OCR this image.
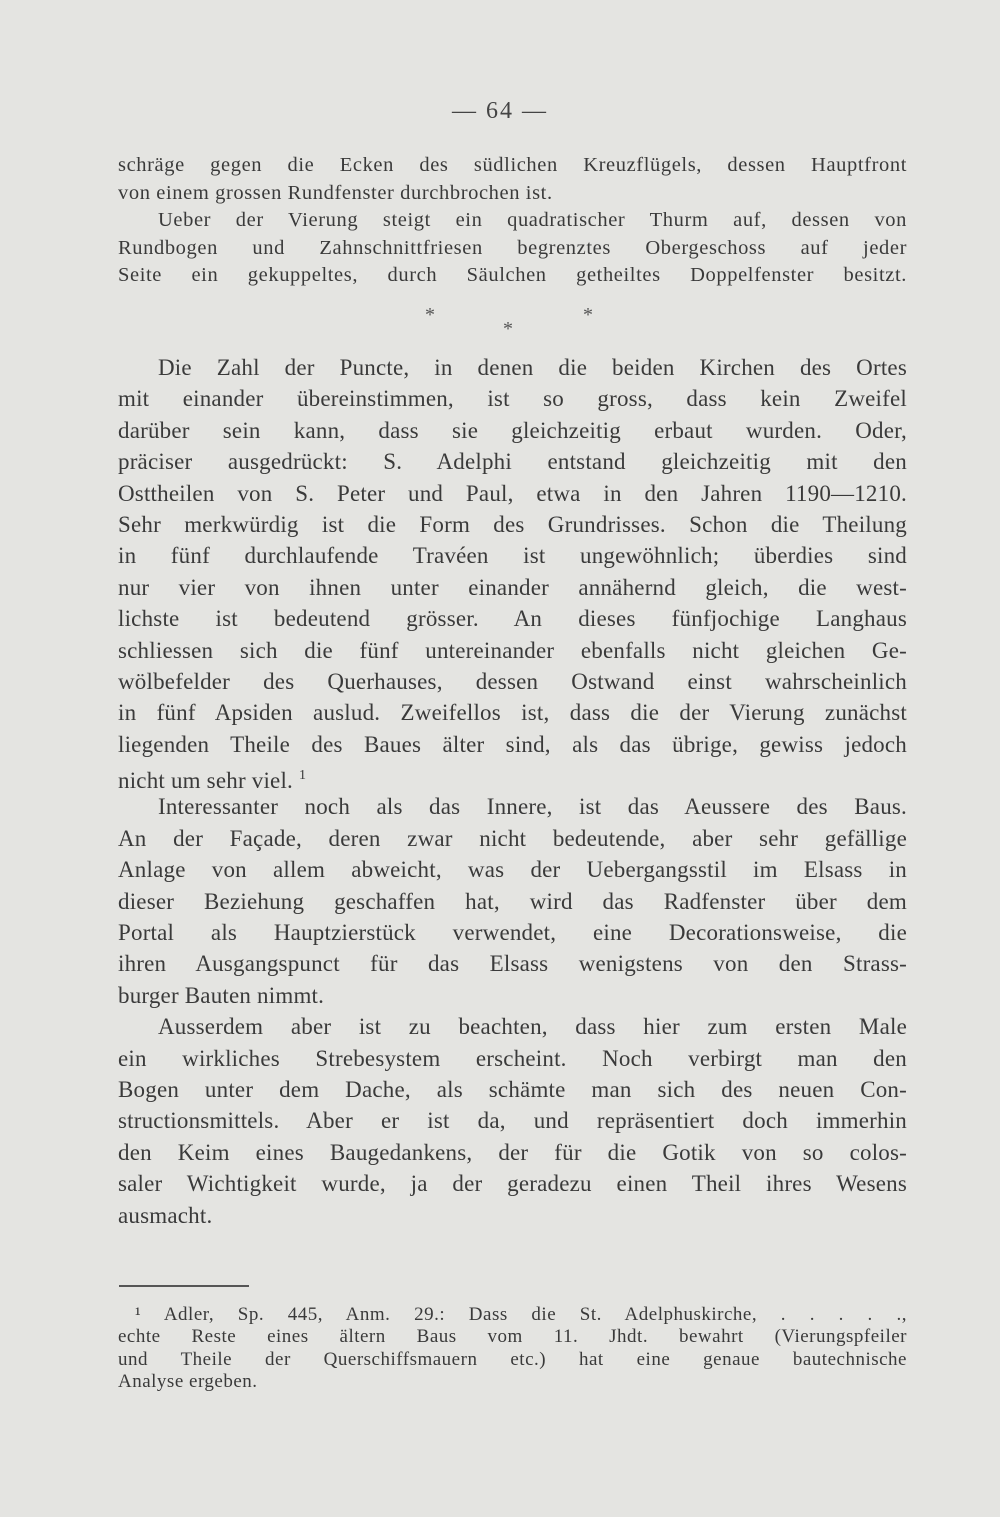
— 64 —
schräge gegen die Ecken des südlichen Kreuzflügels, dessen Hauptfront
von einem grossen Rundfenster durchbrochen ist.
Ueber der Vierung steigt ein quadratischer Thurm auf, dessen von
Rundbogen und Zahnschnittfriesen begrenztes Obergeschoss auf jeder
Seite ein gekuppeltes, durch Säulchen getheiltes Doppelfenster besitzt.
*
*
*
Die Zahl der Puncte, in denen die beiden Kirchen des Ortes
mit einander übereinstimmen, ist so gross, dass kein Zweifel
darüber sein kann, dass sie gleichzeitig erbaut wurden. Oder,
präciser ausgedrückt: S. Adelphi entstand gleichzeitig mit den
Osttheilen von S. Peter und Paul, etwa in den Jahren 1190—1210.
Sehr merkwürdig ist die Form des Grundrisses. Schon die Theilung
in fünf durchlaufende Travéen ist ungewöhnlich; überdies sind
nur vier von ihnen unter einander annähernd gleich, die west-
lichste ist bedeutend grösser. An dieses fünfjochige Langhaus
schliessen sich die fünf untereinander ebenfalls nicht gleichen Ge-
wölbefelder des Querhauses, dessen Ostwand einst wahrscheinlich
in fünf Apsiden auslud. Zweifellos ist, dass die der Vierung zunächst
liegenden Theile des Baues älter sind, als das übrige, gewiss jedoch
nicht um sehr viel. $^1$
Interessanter noch als das Innere, ist das Aeussere des Baus.
An der Façade, deren zwar nicht bedeutende, aber sehr gefällige
Anlage von allem abweicht, was der Uebergangsstil im Elsass in
dieser Beziehung geschaffen hat, wird das Radfenster über dem
Portal als Hauptzierstück verwendet, eine Decorationsweise, die
ihren Ausgangspunct für das Elsass wenigstens von den Strass-
burger Bauten nimmt.
Ausserdem aber ist zu beachten, dass hier zum ersten Male
ein wirkliches Strebesystem erscheint. Noch verbirgt man den
Bogen unter dem Dache, als schämte man sich des neuen Con-
structionsmittels. Aber er ist da, und repräsentiert doch immerhin
den Keim eines Baugedankens, der für die Gotik von so colos-
saler Wichtigkeit wurde, ja der geradezu einen Theil ihres Wesens
ausmacht.
¹ Adler, Sp. 445, Anm. 29.: Dass die St. Adelphuskirche, . . . . .,
echte Reste eines ältern Baus vom 11. Jhdt. bewahrt (Vierungspfeiler
und Theile der Querschiffsmauern etc.) hat eine genaue bautechnische
Analyse ergeben.
